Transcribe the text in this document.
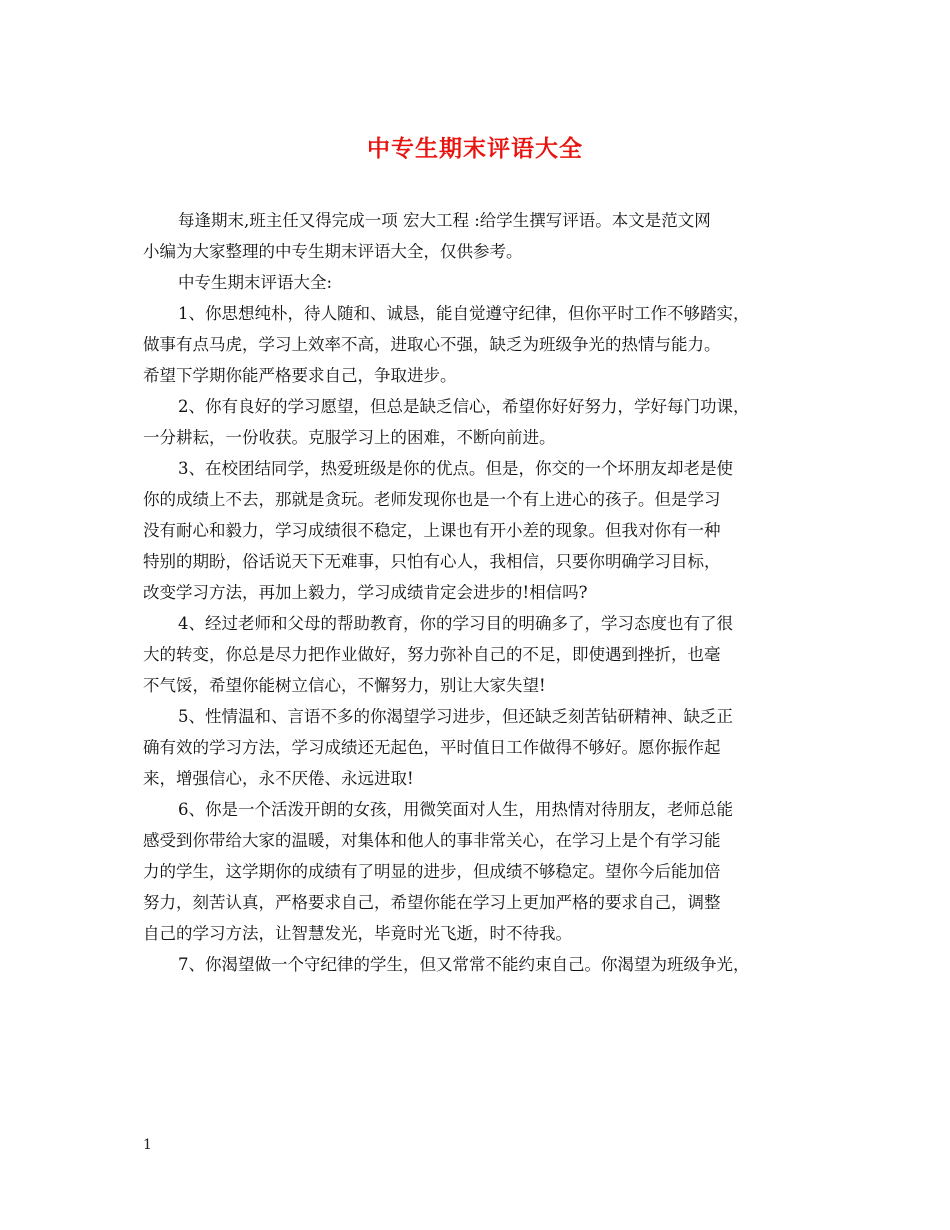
中专生期末评语大全
每逢期末,班主任又得完成一项 宏大工程 :给学生撰写评语。本文是范文网
小编为大家整理的中专生期末评语大全，仅供参考。
中专生期末评语大全:
1、你思想纯朴，待人随和、诚恳，能自觉遵守纪律，但你平时工作不够踏实，
做事有点马虎，学习上效率不高，进取心不强，缺乏为班级争光的热情与能力。
希望下学期你能严格要求自己，争取进步。
2、你有良好的学习愿望，但总是缺乏信心，希望你好好努力，学好每门功课，
一分耕耘，一份收获。克服学习上的困难，不断向前进。
3、在校团结同学，热爱班级是你的优点。但是，你交的一个坏朋友却老是使
你的成绩上不去，那就是贪玩。老师发现你也是一个有上进心的孩子。但是学习
没有耐心和毅力，学习成绩很不稳定，上课也有开小差的现象。但我对你有一种
特别的期盼，俗话说天下无难事，只怕有心人，我相信，只要你明确学习目标，
改变学习方法，再加上毅力，学习成绩肯定会进步的!相信吗?
4、经过老师和父母的帮助教育，你的学习目的明确多了，学习态度也有了很
大的转变，你总是尽力把作业做好，努力弥补自己的不足，即使遇到挫折，也毫
不气馁，希望你能树立信心，不懈努力，别让大家失望!
5、性情温和、言语不多的你渴望学习进步，但还缺乏刻苦钻研精神、缺乏正
确有效的学习方法，学习成绩还无起色，平时值日工作做得不够好。愿你振作起
来，增强信心，永不厌倦、永远进取!
6、你是一个活泼开朗的女孩，用微笑面对人生，用热情对待朋友，老师总能
感受到你带给大家的温暖，对集体和他人的事非常关心，在学习上是个有学习能
力的学生，这学期你的成绩有了明显的进步，但成绩不够稳定。望你今后能加倍
努力，刻苦认真，严格要求自己，希望你能在学习上更加严格的要求自己，调整
自己的学习方法，让智慧发光，毕竟时光飞逝，时不待我。
7、你渴望做一个守纪律的学生，但又常常不能约束自己。你渴望为班级争光，
1
